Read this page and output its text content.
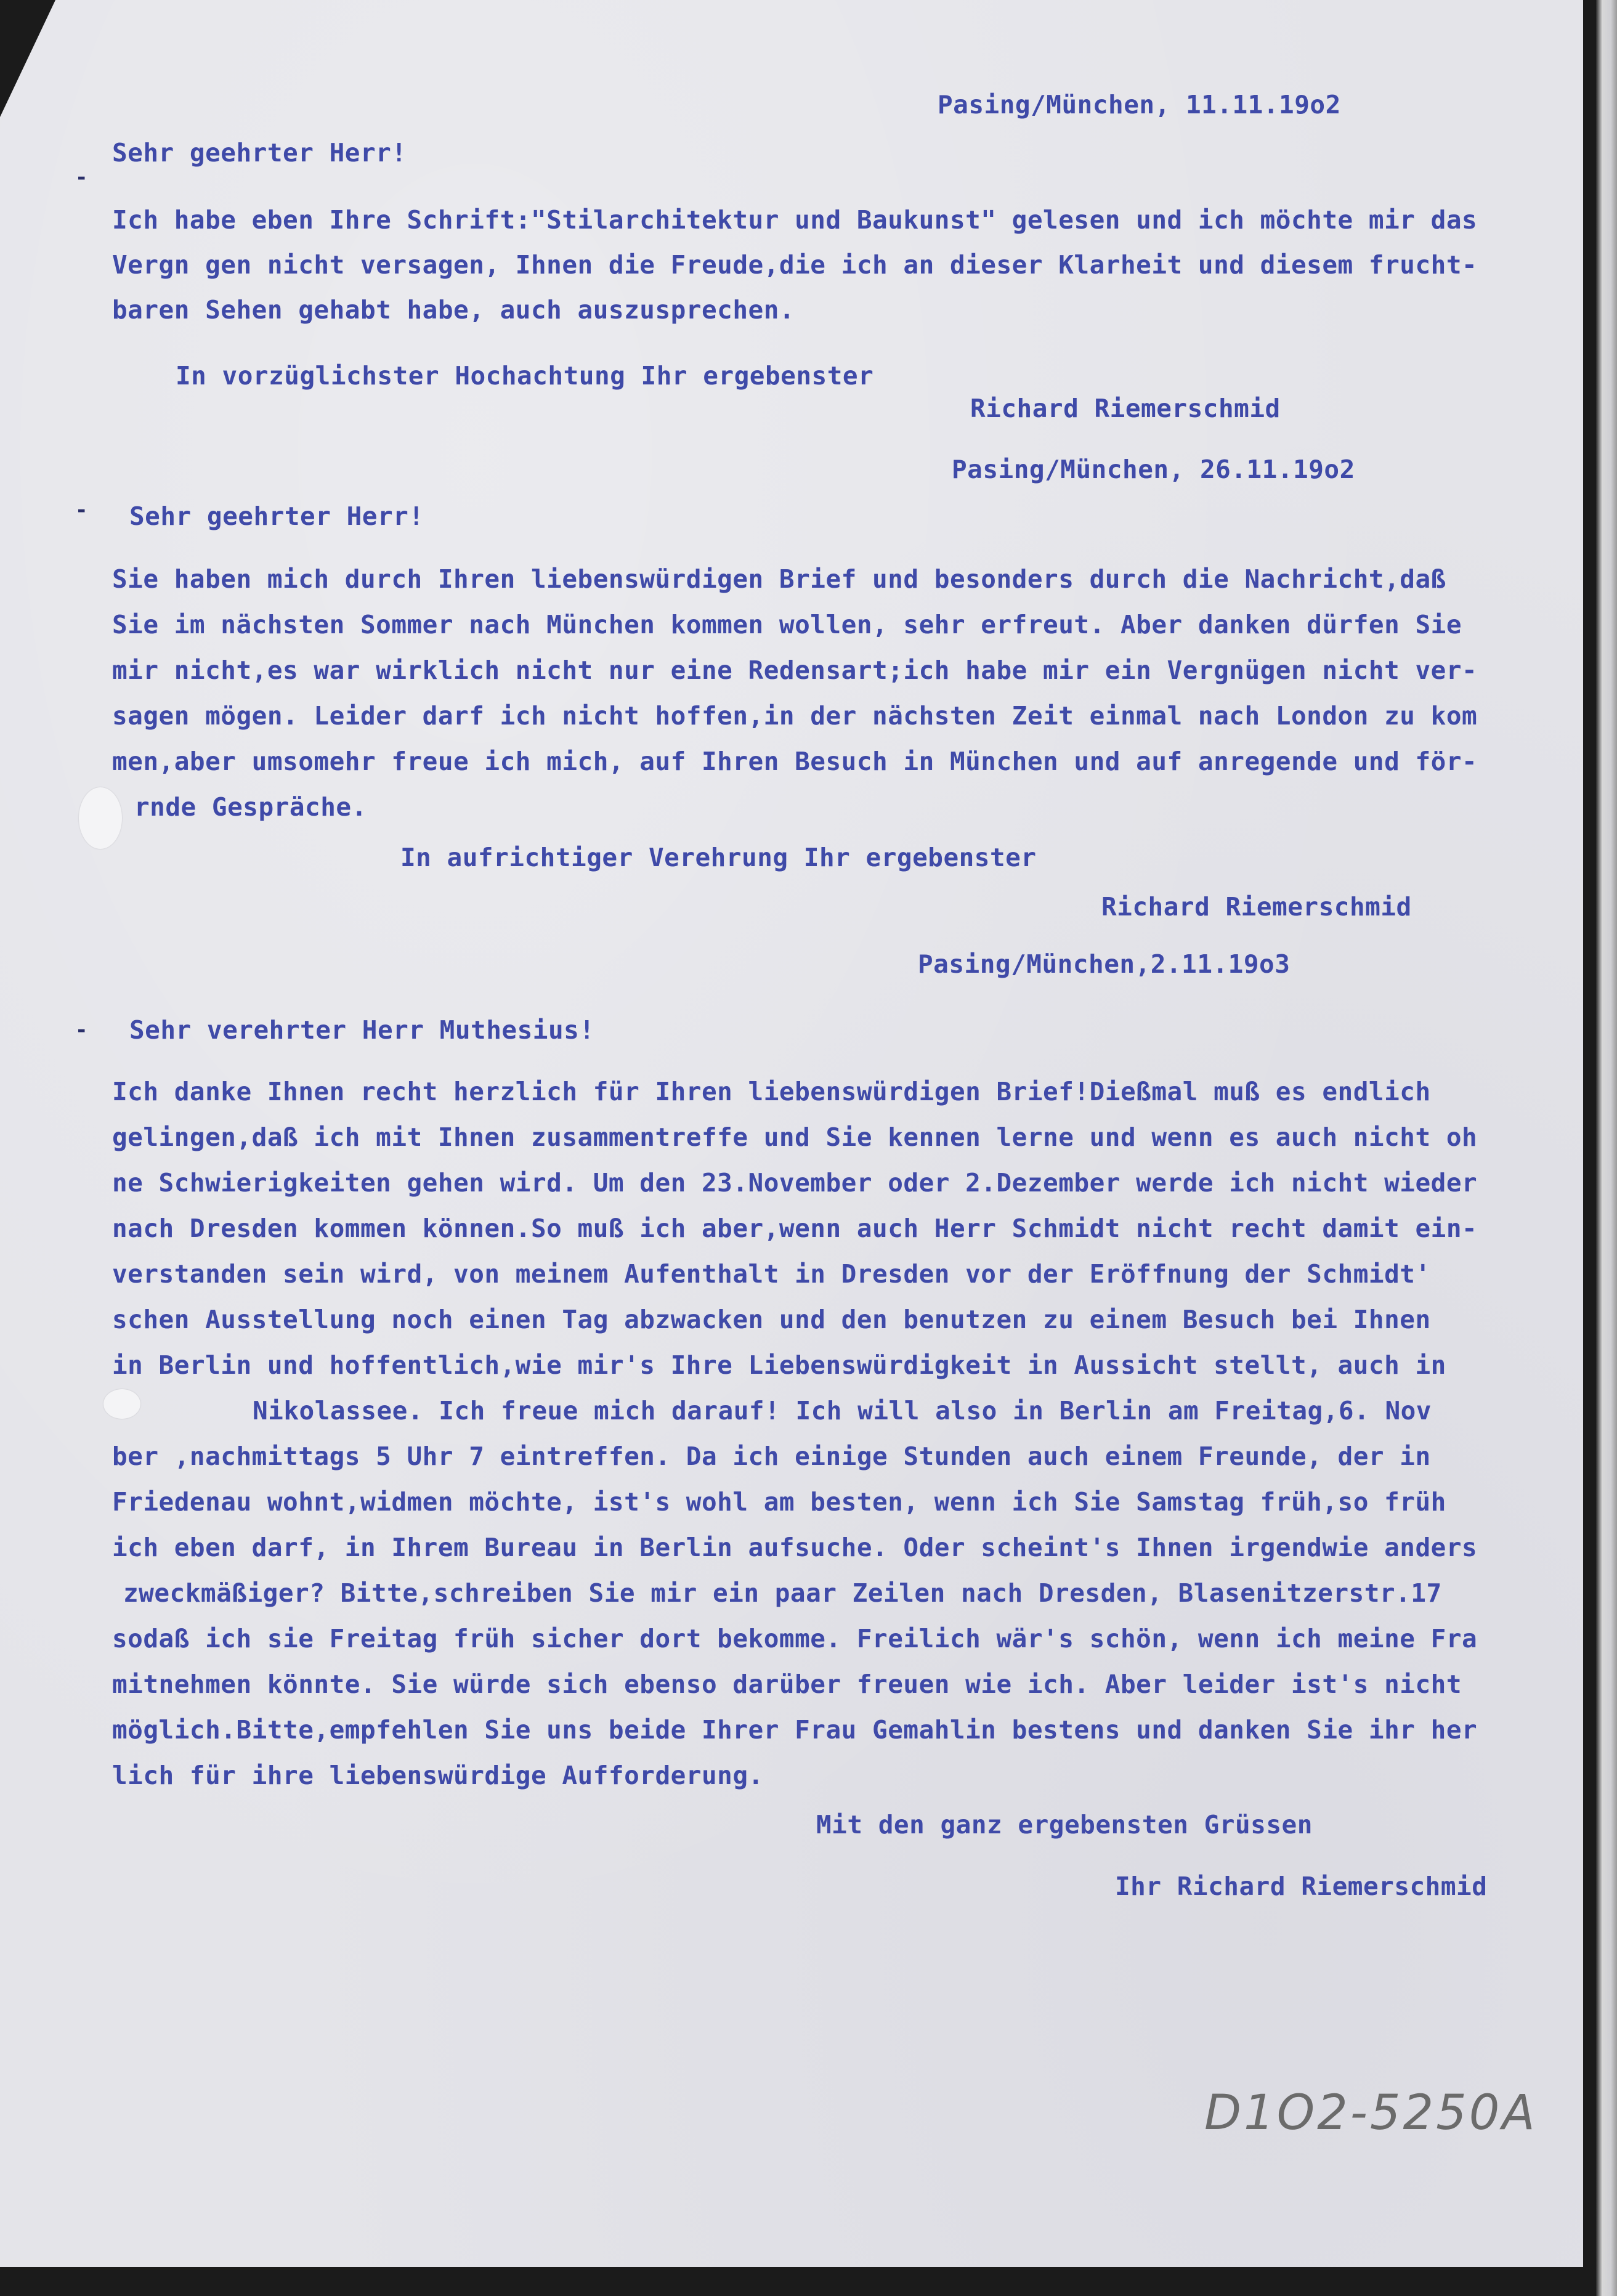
Pasing/München, 11.11.19o2
Sehr geehrter Herr!
-
Ich habe eben Ihre Schrift:"Stilarchitektur und Baukunst" gelesen und ich möchte mir das
Vergn gen nicht versagen, Ihnen die Freude,die ich an dieser Klarheit und diesem frucht-
baren Sehen gehabt habe, auch auszusprechen.
In vorzüglichster Hochachtung Ihr ergebenster
Richard Riemerschmid
Pasing/München, 26.11.19o2
- Sehr geehrter Herr!
Sie haben mich durch Ihren liebenswürdigen Brief und besonders durch die Nachricht,daß
Sie im nächsten Sommer nach München kommen wollen, sehr erfreut. Aber danken dürfen Sie
mir nicht,es war wirklich nicht nur eine Redensart;ich habe mir ein Vergnügen nicht ver-
sagen mögen. Leider darf ich nicht hoffen,in der nächsten Zeit einmal nach London zu kom
men,aber umsomehr freue ich mich, auf Ihren Besuch in München und auf anregende und för-
rnde Gespräche.
In aufrichtiger Verehrung Ihr ergebenster
Richard Riemerschmid
Pasing/München,2.11.19o3
- Sehr verehrter Herr Muthesius!
Ich danke Ihnen recht herzlich für Ihren liebenswürdigen Brief!Dießmal muß es endlich
gelingen,daß ich mit Ihnen zusammentreffe und Sie kennen lerne und wenn es auch nicht oh
ne Schwierigkeiten gehen wird. Um den 23.November oder 2.Dezember werde ich nicht wieder
nach Dresden kommen können.So muß ich aber,wenn auch Herr Schmidt nicht recht damit ein-
verstanden sein wird, von meinem Aufenthalt in Dresden vor der Eröffnung der Schmidt'
schen Ausstellung noch einen Tag abzwacken und den benutzen zu einem Besuch bei Ihnen
in Berlin und hoffentlich,wie mir's Ihre Liebenswürdigkeit in Aussicht stellt, auch in
Nikolassee. Ich freue mich darauf! Ich will also in Berlin am Freitag,6. Nov
ber ,nachmittags 5 Uhr 7 eintreffen. Da ich einige Stunden auch einem Freunde, der in
Friedenau wohnt,widmen möchte, ist's wohl am besten, wenn ich Sie Samstag früh,so früh
ich eben darf, in Ihrem Bureau in Berlin aufsuche. Oder scheint's Ihnen irgendwie anders
zweckmäßiger? Bitte,schreiben Sie mir ein paar Zeilen nach Dresden, Blasenitzerstr.17
sodaß ich sie Freitag früh sicher dort bekomme. Freilich wär's schön, wenn ich meine Fra
mitnehmen könnte. Sie würde sich ebenso darüber freuen wie ich. Aber leider ist's nicht
möglich.Bitte,empfehlen Sie uns beide Ihrer Frau Gemahlin bestens und danken Sie ihr her
lich für ihre liebenswürdige Aufforderung.
Mit den ganz ergebensten Grüssen
Ihr Richard Riemerschmid
D1O2-5250A
